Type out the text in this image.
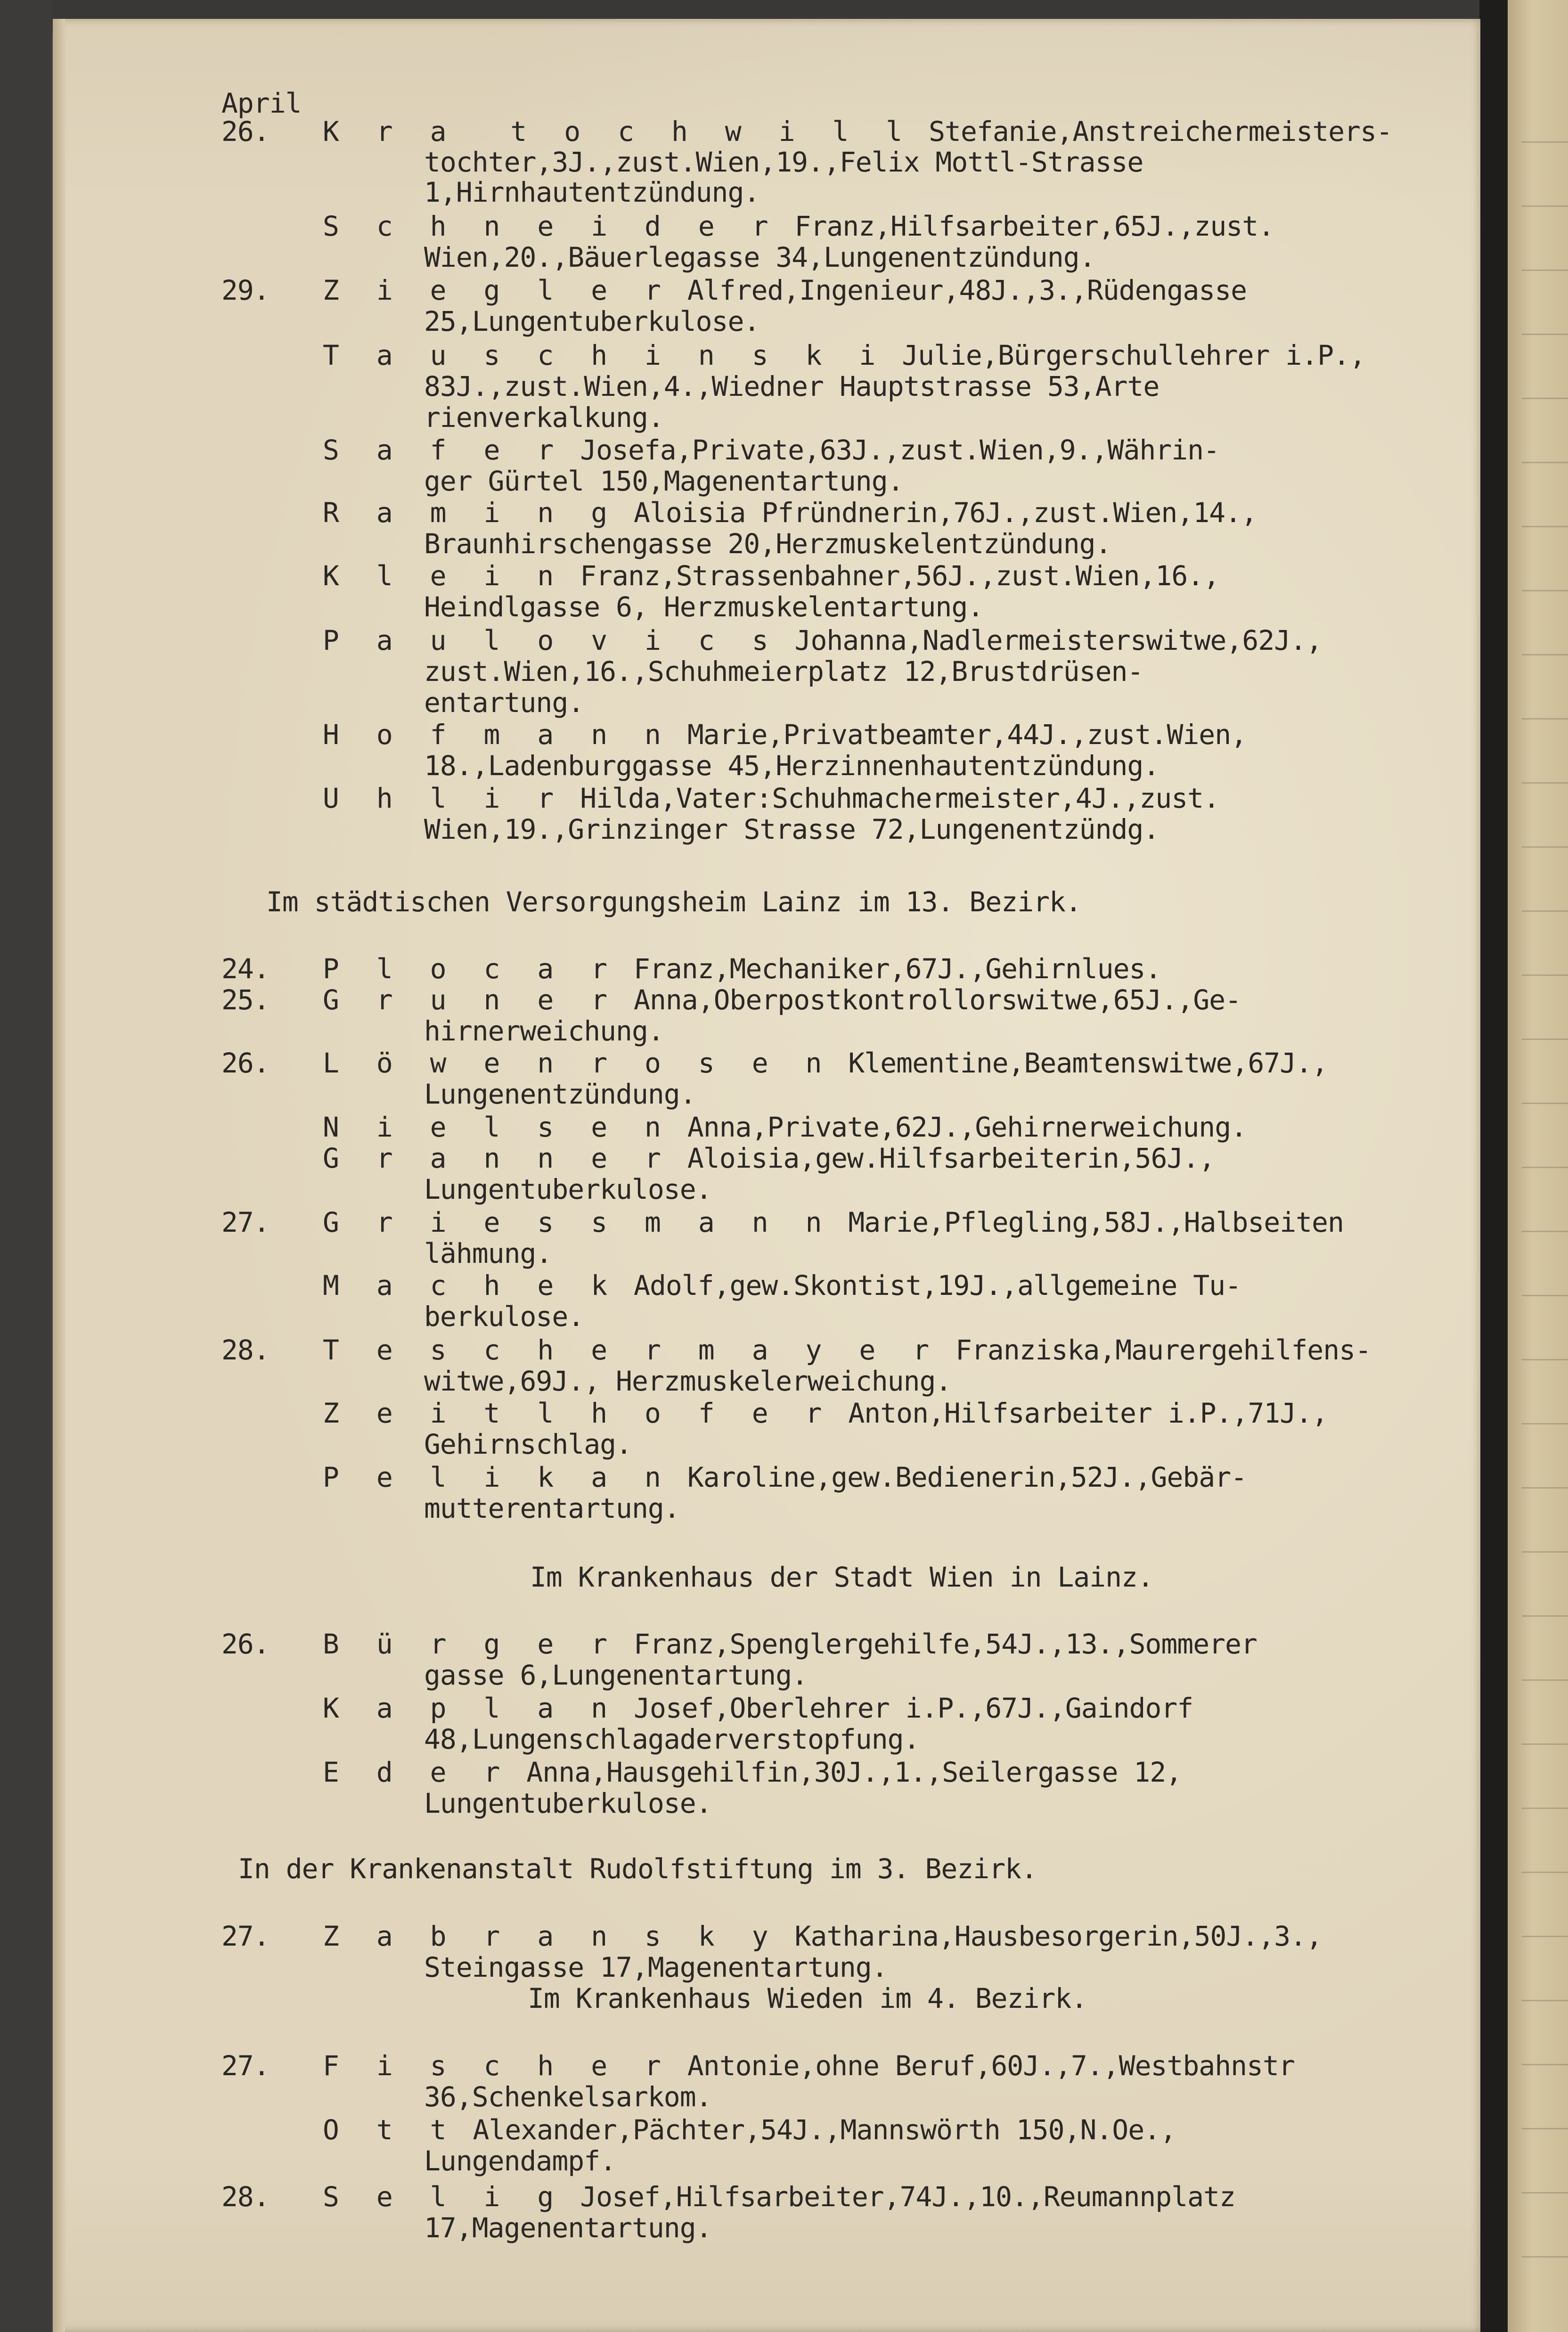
April
K r a  t o c h w i l l Stefanie,Anstreichermeisters-
26.
tochter,3J.,zust.Wien,19.,Felix Mottl-Strasse
1,Hirnhautentzündung.
S c h n e i d e r Franz,Hilfsarbeiter,65J.,zust.
Wien,20.,Bäuerlegasse 34,Lungenentzündung.
Z i e g l e r Alfred,Ingenieur,48J.,3.,Rüdengasse
29.
25,Lungentuberkulose.
T a u s c h i n s k i Julie,Bürgerschullehrer i.P.,
83J.,zust.Wien,4.,Wiedner Hauptstrasse 53,Arte
rienverkalkung.
S a f e r Josefa,Private,63J.,zust.Wien,9.,Währin-
ger Gürtel 150,Magenentartung.
R a m i n g Aloisia Pfründnerin,76J.,zust.Wien,14.,
Braunhirschengasse 20,Herzmuskelentzündung.
K l e i n Franz,Strassenbahner,56J.,zust.Wien,16.,
Heindlgasse 6, Herzmuskelentartung.
P a u l o v i c s Johanna,Nadlermeisterswitwe,62J.,
zust.Wien,16.,Schuhmeierplatz 12,Brustdrüsen-
entartung.
H o f m a n n Marie,Privatbeamter,44J.,zust.Wien,
18.,Ladenburggasse 45,Herzinnenhautentzündung.
U h l i r Hilda,Vater:Schuhmachermeister,4J.,zust.
Wien,19.,Grinzinger Strasse 72,Lungenentzündg.
Im städtischen Versorgungsheim Lainz im 13. Bezirk.
P l o c a r Franz,Mechaniker,67J.,Gehirnlues.
24.
G r u n e r Anna,Oberpostkontrollorswitwe,65J.,Ge-
25.
hirnerweichung.
L ö w e n r o s e n Klementine,Beamtenswitwe,67J.,
26.
Lungenentzündung.
N i e l s e n Anna,Private,62J.,Gehirnerweichung.
G r a n n e r Aloisia,gew.Hilfsarbeiterin,56J.,
Lungentuberkulose.
G r i e s s m a n n Marie,Pflegling,58J.,Halbseiten
27.
lähmung.
M a c h e k Adolf,gew.Skontist,19J.,allgemeine Tu-
berkulose.
T e s c h e r m a y e r Franziska,Maurergehilfens-
28.
witwe,69J., Herzmuskelerweichung.
Z e i t l h o f e r Anton,Hilfsarbeiter i.P.,71J.,
Gehirnschlag.
P e l i k a n Karoline,gew.Bedienerin,52J.,Gebär-
mutterentartung.
Im Krankenhaus der Stadt Wien in Lainz.
B ü r g e r Franz,Spenglergehilfe,54J.,13.,Sommerer
26.
gasse 6,Lungenentartung.
K a p l a n Josef,Oberlehrer i.P.,67J.,Gaindorf
48,Lungenschlagaderverstopfung.
E d e r Anna,Hausgehilfin,30J.,1.,Seilergasse 12,
Lungentuberkulose.
In der Krankenanstalt Rudolfstiftung im 3. Bezirk.
Z a b r a n s k y Katharina,Hausbesorgerin,50J.,3.,
27.
Steingasse 17,Magenentartung.
Im Krankenhaus Wieden im 4. Bezirk.
F i s c h e r Antonie,ohne Beruf,60J.,7.,Westbahnstr
27.
36,Schenkelsarkom.
O t t Alexander,Pächter,54J.,Mannswörth 150,N.Oe.,
Lungendampf.
S e l i g Josef,Hilfsarbeiter,74J.,10.,Reumannplatz
28.
17,Magenentartung.
